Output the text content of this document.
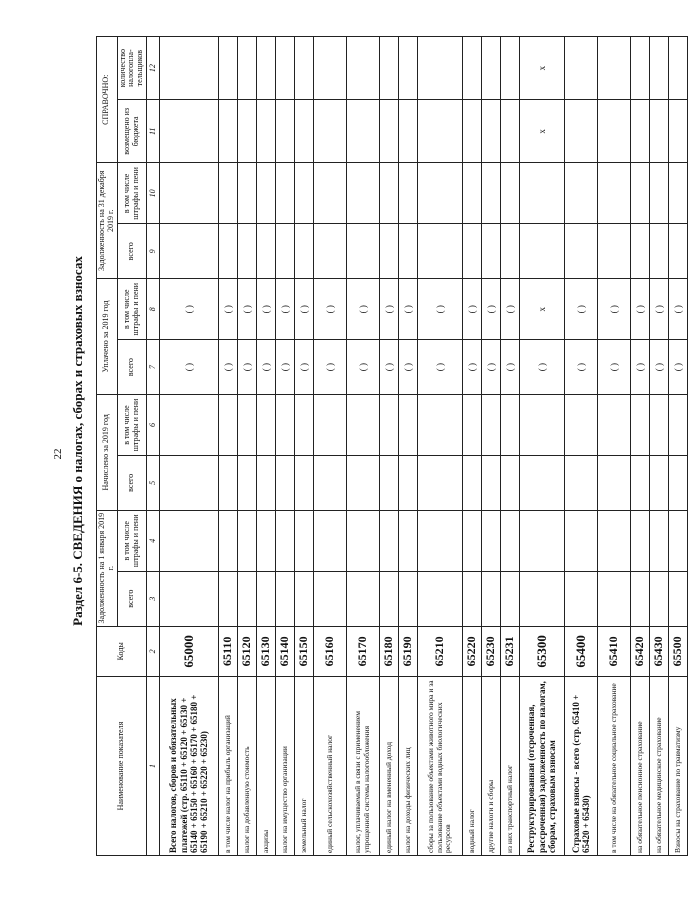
22 Раздел 6-5. СВЕДЕНИЯ о налогах, сборах и страховых взносах
Наименование показателя	Коды	Задолженность на 1 января 2019 г.		Начислено за 2019 год		Уплачено за 2019 год		Задолженность на 31 декабря 2019 г.		СПРАВОЧНО:	
		всего	в том числе штрафы и пени	всего	в том числе штрафы и пени	всего	в том числе штрафы и пени	всего	в том числе штрафы и пени	возмещено из бюджета	количество налогопла- тельщиков
1	2	3	4	5	6	7	8	9	10	11	12
Всего налогов, сборов и обязательных платежей (стр. 65110 + 65120 + 65130 + 65140 + 65150 + 65160 + 65170 + 65180 + 65190 + 65210 + 65220 + 65230)	65000					( )	( )				
в том числе налог на прибыль организаций	65110					( )	( )				
налог на добавленную стоимость	65120					( )	( )				
акцизы	65130					( )	( )				
налог на имущество организации	65140					( )	( )				
земельный налог	65150					( )	( )				
единый сельскохозяйственный налог	65160					( )	( )				
налог, уплачиваемый в связи с применением упрощенной системы налогообложения	65170					( )	( )				
единый налог на вмененный доход	65180					( )	( )				
налог на доходы физических лиц	65190					( )	( )				
сборы за пользование объектами животного мира и за пользование объектами водных биологических ресурсов	65210					( )	( )				
водный налог	65220					( )	( )				
другие налоги и сборы	65230					( )	( )				
из них транспортный налог	65231					( )	( )				
Реструктурированная (отсроченная, рассроченная) задолженность по налогам, сборам, страховым взносам	65300					( )	x			x	x
Страховые взносы - всего (стр. 65410 + 65420 + 65430)	65400					( )	( )				
в том числе на обязательное социальное страхование	65410					( )	( )				
на обязательное пенсионное страхование	65420					( )	( )				
на обязательное медицинское страхование	65430					( )	( )				
Взносы на страхование по травматизму	65500					( )	( )				
